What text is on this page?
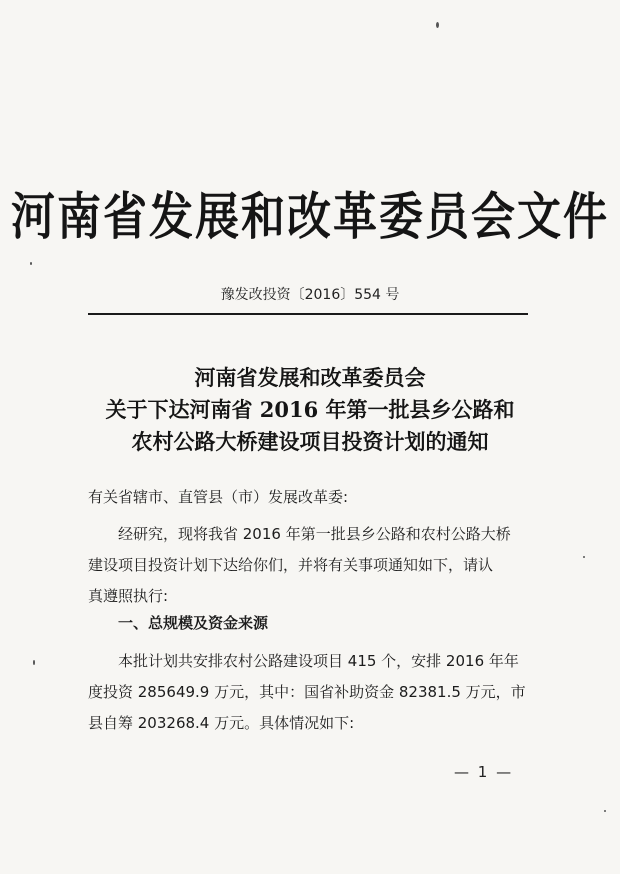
河南省发展和改革委员会文件
豫发改投资〔2016〕554 号
河南省发展和改革委员会
关于下达河南省 2016 年第一批县乡公路和
农村公路大桥建设项目投资计划的通知
有关省辖市、直管县（市）发展改革委:
经研究，现将我省 2016 年第一批县乡公路和农村公路大桥
建设项目投资计划下达给你们，并将有关事项通知如下，请认
真遵照执行:
一、总规模及资金来源
本批计划共安排农村公路建设项目 415 个，安排 2016 年年
度投资 285649.9 万元，其中：国省补助资金 82381.5 万元，市
县自筹 203268.4 万元。具体情况如下:
— 1 —
